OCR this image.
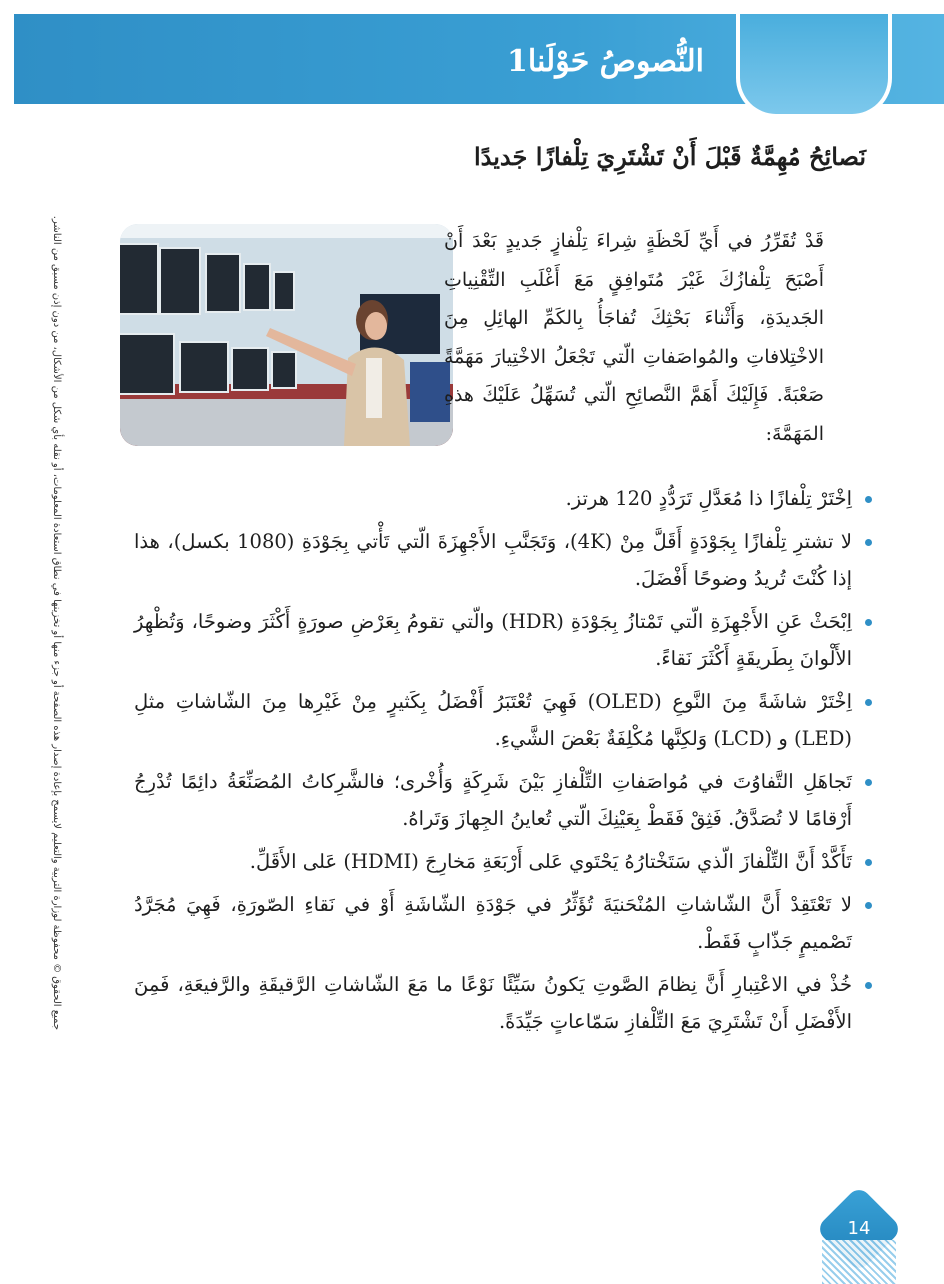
النُّصوصُ حَوْلَنا1
جميع الحقوق © محفوظة لوزارة التربية والتعليم لايسمح بإعادة إصدار هذه الصفحة أو جزء منها أو تخزينها في نطاق استعادة المعلومات، أو نقله بأي شكل من الأشكال، من دون إذن مسبق من الناشر.
نَصائِحُ مُهِمَّةٌ قَبْلَ أَنْ تَشْتَرِيَ تِلْفازًا جَديدًا
قَدْ تُقَرِّرُ في أَيِّ لَحْظَةٍ شِراءَ تِلْفازٍ جَديدٍ بَعْدَ أَنْ أَصْبَحَ تِلْفازُكَ غَيْرَ مُتَوافِقٍ مَعَ أَغْلَبِ التِّقْنِياتِ الجَديدَةِ، وَأَثْناءَ بَحْثِكَ تُفاجَأُ بِالكَمِّ الهائِلِ مِنَ الاخْتِلافاتِ والمُواصَفاتِ الّتي تَجْعَلُ الاخْتِيارَ مَهَمَّةً صَعْبَةً. فَإِلَيْكَ أَهَمَّ النَّصائِحِ الّتي تُسَهِّلُ عَلَيْكَ هذهِ المَهَمَّةَ:
اِخْتَرْ تِلْفازًا ذا مُعَدَّلِ تَرَدُّدٍ 120 هرتز.
لا تشترِ تِلْفازًا بِجَوْدَةٍ أَقَلَّ مِنْ (4K)، وَتَجَنَّبِ الأَجْهِزَةَ الّتي تَأْتي بِجَوْدَةِ (1080 بكسل)، هذا إذا كُنْتَ تُريدُ وضوحًا أَفْضَلَ.
اِبْحَثْ عَنِ الأَجْهِزَةِ الّتي تَمْتازُ بِجَوْدَةِ (HDR) والّتي تقومُ بِعَرْضِ صورَةٍ أَكْثَرَ وضوحًا، وَتُظْهِرُ الأَلْوانَ بِطَريقَةٍ أَكْثَرَ نَقاءً.
اِخْتَرْ شاشَةً مِنَ النَّوعِ (OLED) فَهِيَ تُعْتَبَرُ أَفْضَلُ بِكَثيرٍ مِنْ غَيْرِها مِنَ الشّاشاتِ مثلِ (LED) و (LCD) وَلكِنَّها مُكْلِفَةٌ بَعْضَ الشَّيءِ.
تَجاهَلِ التَّفاوُتَ في مُواصَفاتِ التِّلْفازِ بَيْنَ شَرِكَةٍ وَأُخْرى؛ فالشَّرِكاتُ المُصَنِّعَةُ دائِمًا تُدْرِجُ أَرْقامًا لا تُصَدَّقُ. فَثِقْ فَقَطْ بِعَيْنِكَ الّتي تُعاينُ الجِهازَ وَتَراهُ.
تَأَكَّدْ أَنَّ التِّلْفازَ الّذي سَتَخْتارُهُ يَحْتَوي عَلى أَرْبَعَةِ مَخارِجَ (HDMI) عَلى الأَقَلِّ.
لا تَعْتَقِدْ أَنَّ الشّاشاتِ المُنْحَنيَةَ تُؤَثِّرُ في جَوْدَةِ الشّاشَةِ أَوْ في نَقاءِ الصّورَةِ، فَهِيَ مُجَرَّدُ تَصْميمٍ جَذّابٍ فَقَطْ.
خُذْ في الاعْتِبارِ أَنَّ نِظامَ الصَّوتِ يَكونُ سَيِّئًا نَوْعًا ما مَعَ الشّاشاتِ الرَّقيقَةِ والرَّفيعَةِ، فَمِنَ الأَفْضَلِ أَنْ تَشْتَرِيَ مَعَ التِّلْفازِ سَمّاعاتٍ جَيِّدَةً.
14
